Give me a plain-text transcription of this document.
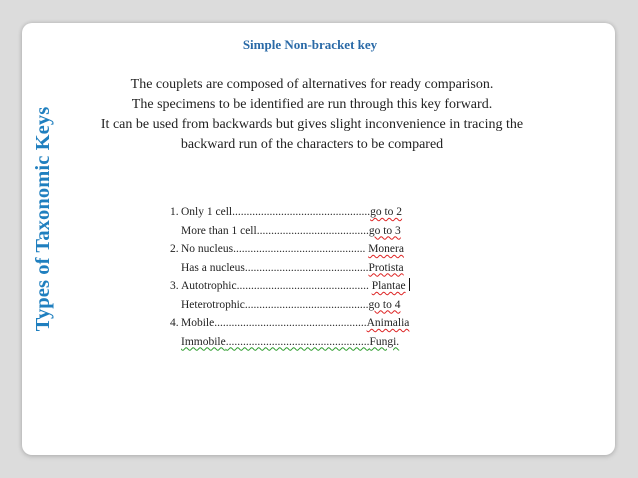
Types of Taxonomic Keys
Simple Non-bracket key
The couplets are composed of alternatives for ready comparison.
The specimens to be identified are run through this key forward.
It can be used from backwards but gives slight inconvenience in tracing the
backward run of the characters to be compared
1. Only 1 cell................................................go to 2
More than 1 cell.......................................go to 3
2. No nucleus.............................................. Monera
Has a nucleus...........................................Protista
3. Autotrophic.............................................. Plantae
Heterotrophic...........................................go to 4
4. Mobile.....................................................Animalia
Immobile..................................................Fungi.
